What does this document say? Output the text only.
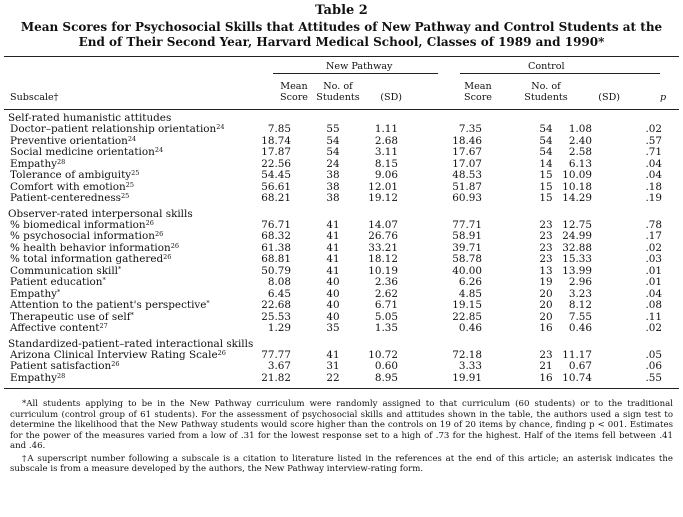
Table 2
Mean Scores for Psychosocial Skills that Attitudes of New Pathway and Control Students at the End of Their Second Year, Harvard Medical School, Classes of 1989 and 1990*
New Pathway	Control
Mean
Score
No. of
Students	(SD)
Mean
Score
No. of
Students	(SD)	p
Subscale†
Self-rated humanistic attitudes
Doctor–patient relationship orientation$^{24}$	7.85	55	1.11	7.35	54	1.08	.02
Preventive orientation$^{24}$	18.74	54	2.68	18.46	54	2.40	.57
Social medicine orientation$^{24}$	17.87	54	3.11	17.67	54	2.58	.71
Empathy$^{28}$	22.56	24	8.15	17.07	14	6.13	.04
Tolerance of ambiguity$^{25}$	54.45	38	9.06	48.53	15 10.09	.04
Comfort with emotion$^{25}$	56.61	38	12.01	51.87	15 10.18	.18
Patient-centeredness$^{25}$	68.21	38	19.12	60.93	15 14.29	.19
Observer-rated interpersonal skills
% biomedical information$^{26}$	76.71	41	14.07	77.71	23 12.75	.78
% psychosocial information$^{26}$	68.32	41	26.76	58.91	23 24.99	.17
% health behavior information$^{26}$	61.38	41	33.21	39.71	23 32.88	.02
% total information gathered$^{26}$	68.81	41	18.12	58.78	23 15.33	.03
Communication skill*	50.79	41	10.19	40.00	13 13.99	.01
Patient education*	8.08	40	2.36	6.26	19	2.96	.01
Empathy*	6.45	40	2.62	4.85	20	3.23	.04
Attention to the patient's perspective*	22.68	40	6.71	19.15	20	8.12	.08
Therapeutic use of self*	25.53	40	5.05	22.85	20	7.55	.11
Affective content$^{27}$	1.29	35	1.35	0.46	16	0.46	.02
Standardized-patient–rated interactional skills
Arizona Clinical Interview Rating Scale$^{26}$	77.77	41	10.72	72.18	23 11.17	.05
Patient satisfaction$^{26}$	3.67	31	0.60	3.33	21	0.67	.06
Empathy$^{28}$	21.82	22	8.95	19.91	16 10.74	.55
*All students applying to be in the New Pathway curriculum were randomly assigned to that curriculum (60 students) or to the traditional curriculum (control group of 61 students). For the assessment of psychosocial skills and attitudes shown in the table, the authors used a sign test to determine the likelihood that the New Pathway students would score higher than the controls on 19 of 20 items by chance, finding p < 001. Estimates for the power of the measures varied from a low of .31 for the lowest response set to a high of .73 for the highest. Half of the items fell between .41 and .46.
†A superscript number following a subscale is a citation to literature listed in the references at the end of this article; an asterisk indicates the subscale is from a measure developed by the authors, the New Pathway interview-rating form.
